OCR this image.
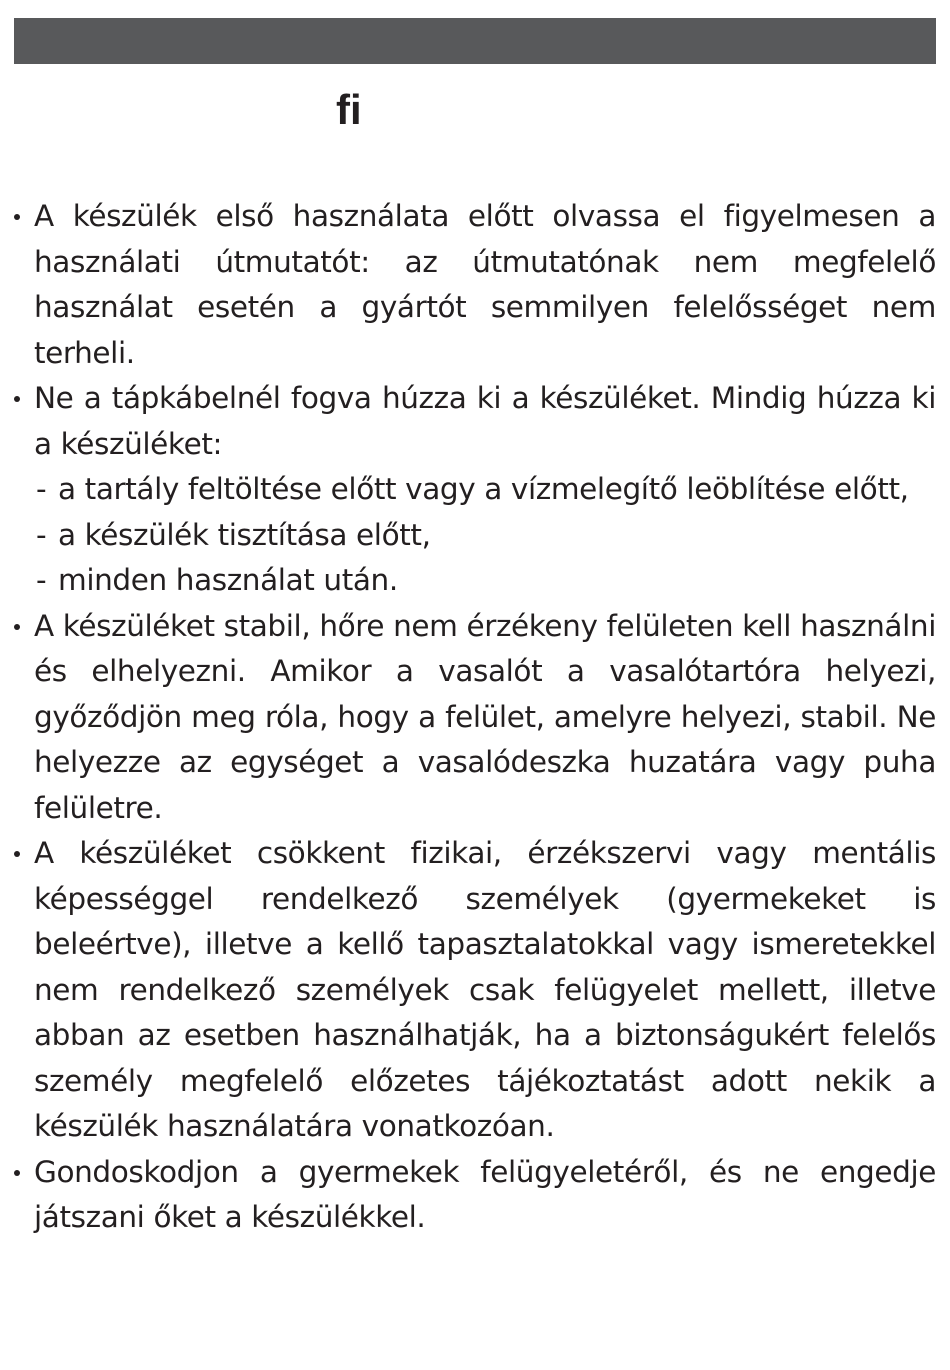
ﬁ
A készülék első használata előtt olvassa el figyelmesen a használati útmutatót: az útmutatónak nem megfelelő használat esetén a gyártót semmilyen felelősséget nem terheli.
Ne a tápkábelnél fogva húzza ki a készüléket. Mindig húzza ki a készüléket:
- a tartály feltöltése előtt vagy a vízmelegítő leöblítése előtt,
- a készülék tisztítása előtt,
- minden használat után.
A készüléket stabil, hőre nem érzékeny felületen kell használni és elhelyezni. Amikor a vasalót a vasalótartóra helyezi, győződjön meg róla, hogy a felület, amelyre helyezi, stabil. Ne helyezze az egységet a vasalódeszka huzatára vagy puha felületre.
A készüléket csökkent fizikai, érzékszervi vagy mentális képességgel rendelkező személyek (gyermekeket is beleértve), illetve a kellő tapasztalatokkal vagy ismeretekkel nem rendelkező személyek csak felügyelet mellett, illetve abban az esetben használhatják, ha a biztonságukért felelős személy megfelelő előzetes tájékoztatást adott nekik a készülék használatára vonatkozóan.
Gondoskodjon a gyermekek felügyeletéről, és ne engedje játszani őket a készülékkel.
